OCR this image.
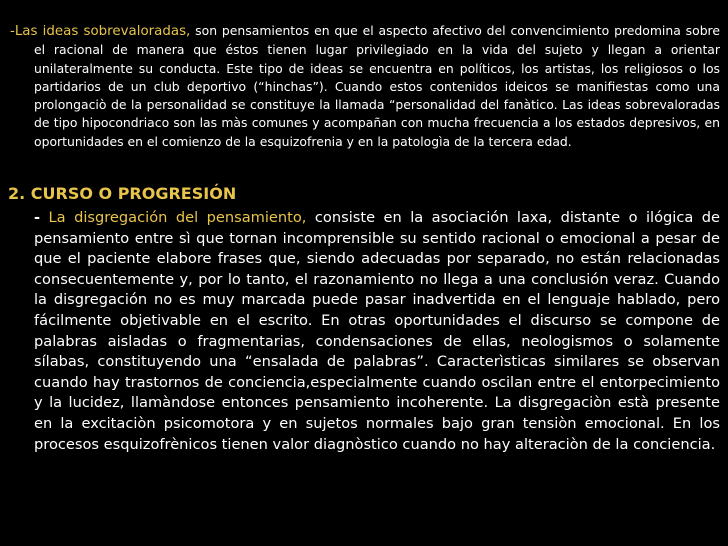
-Las ideas sobrevaloradas, son pensamientos en que el aspecto afectivo del convencimiento predomina sobre el racional de manera que éstos tienen lugar privilegiado en la vida del sujeto y llegan a orientar unilateralmente su conducta. Este tipo de ideas se encuentra en políticos, los artistas, los religiosos o los partidarios de un club deportivo (“hinchas”). Cuando estos contenidos ideicos se manifiestas como una prolongaciò de la personalidad se constituye la llamada “personalidad del fanàtico. Las ideas sobrevaloradas de tipo hipocondriaco son las màs comunes y acompañan con mucha frecuencia a los estados depresivos, en oportunidades en el comienzo de la esquizofrenia y en la patologìa de la tercera edad.

2. CURSO O PROGRESIÓN

- La disgregación del pensamiento, consiste en la asociación laxa, distante o ilógica de pensamiento entre sì que tornan incomprensible su sentido racional o emocional a pesar de que el paciente elabore frases que, siendo adecuadas por separado, no están relacionadas consecuentemente y, por lo tanto, el razonamiento no llega a una conclusión veraz. Cuando la disgregación no es muy marcada puede pasar inadvertida en el lenguaje hablado, pero fácilmente objetivable en el escrito. En otras oportunidades el discurso se compone de palabras aisladas o fragmentarias, condensaciones de ellas, neologismos o solamente sílabas, constituyendo una “ensalada de palabras”. Caracterìsticas similares se observan cuando hay trastornos de conciencia,especialmente cuando oscilan entre el entorpecimiento y la lucidez, llamàndose entonces pensamiento incoherente. La disgregaciòn està presente en la excitaciòn psicomotora y en sujetos normales bajo gran tensiòn emocional. En los procesos esquizofrènicos tienen valor diagnòstico cuando no hay alteraciòn de la conciencia.
